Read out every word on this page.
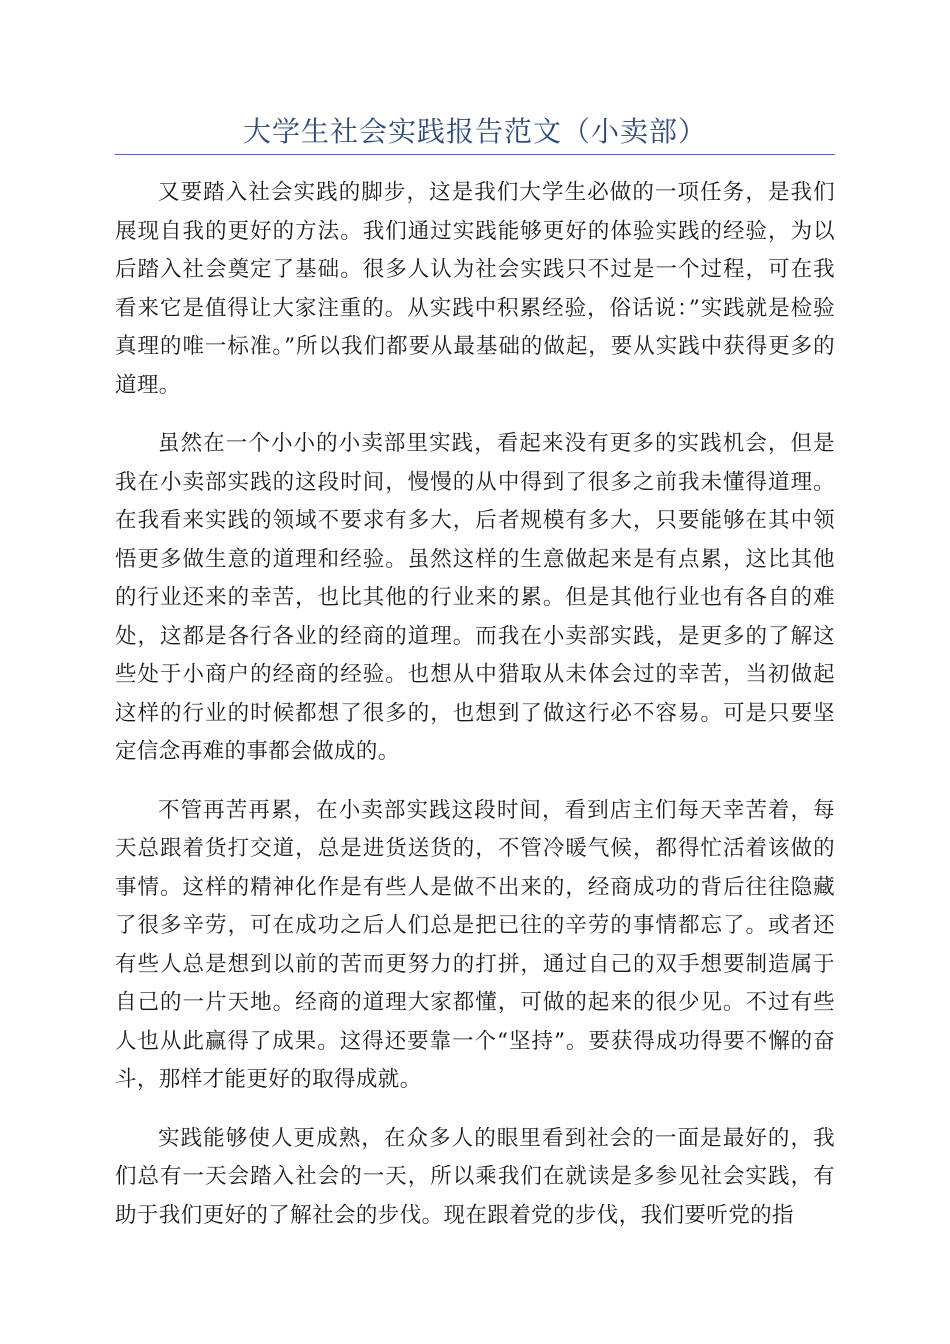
大学生社会实践报告范文（小卖部）

又要踏入社会实践的脚步，这是我们大学生必做的一项任务，是我们展现自我的更好的方法。我们通过实践能够更好的体验实践的经验，为以后踏入社会奠定了基础。很多人认为社会实践只不过是一个过程，可在我看来它是值得让大家注重的。从实践中积累经验，俗话说：”实践就是检验真理的唯一标准。”所以我们都要从最基础的做起，要从实践中获得更多的道理。

虽然在一个小小的小卖部里实践，看起来没有更多的实践机会，但是我在小卖部实践的这段时间，慢慢的从中得到了很多之前我未懂得道理。在我看来实践的领域不要求有多大，后者规模有多大，只要能够在其中领悟更多做生意的道理和经验。虽然这样的生意做起来是有点累，这比其他的行业还来的幸苦，也比其他的行业来的累。但是其他行业也有各自的难处，这都是各行各业的经商的道理。而我在小卖部实践，是更多的了解这些处于小商户的经商的经验。也想从中猎取从未体会过的幸苦，当初做起这样的行业的时候都想了很多的，也想到了做这行必不容易。可是只要坚定信念再难的事都会做成的。

不管再苦再累，在小卖部实践这段时间，看到店主们每天幸苦着，每天总跟着货打交道，总是进货送货的，不管冷暖气候，都得忙活着该做的事情。这样的精神化作是有些人是做不出来的，经商成功的背后往往隐藏了很多辛劳，可在成功之后人们总是把已往的辛劳的事情都忘了。或者还有些人总是想到以前的苦而更努力的打拼，通过自己的双手想要制造属于自己的一片天地。经商的道理大家都懂，可做的起来的很少见。不过有些人也从此赢得了成果。这得还要靠一个“坚持”。要获得成功得要不懈的奋斗，那样才能更好的取得成就。

实践能够使人更成熟，在众多人的眼里看到社会的一面是最好的，我们总有一天会踏入社会的一天，所以乘我们在就读是多参见社会实践，有助于我们更好的了解社会的步伐。现在跟着党的步伐，我们要听党的指
